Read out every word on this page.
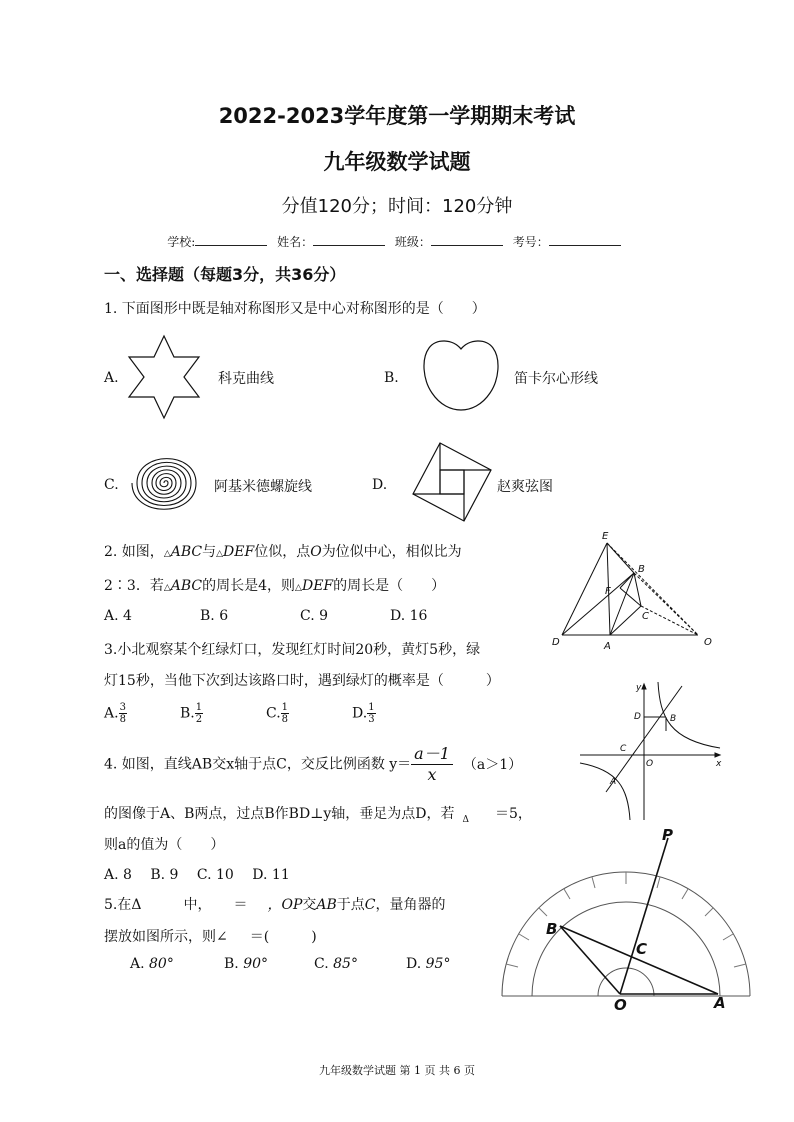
2022-2023学年度第一学期期末考试
九年级数学试题
分值120分；时间：120分钟
学校:	姓名：	班级：	考号：
一、选择题（每题3分，共36分）
1. 下面图形中既是轴对称图形又是中心对称图形的是（　　）
A.	科克曲线	B.	笛卡尔心形线
C.	阿基米德螺旋线	D.	赵爽弦图
2. 如图，△ABC与△DEF位似，点O为位似中心，相似比为
2∶3．若△ABC的周长是4，则△DEF的周长是（　　）
A. 4	B. 6	C. 9	D. 16
E
B
F
C
D	A	O
3.小北观察某个红绿灯口，发现红灯时间20秒，黄灯5秒，绿
灯15秒，当他下次到达该路口时，遇到绿灯的概率是（　　　）
A. $\frac{3}{8}$	B. $\frac{1}{2}$	C. $\frac{1}{8}$	D. $\frac{1}{3}$
y
x
D	B
C
O
A
4. 如图，直线AB交x轴于点C，交反比例函数 $y= \frac{a-1}{x} (a>1)$
的图像于A、B两点，过点B作BD⊥y轴，垂足为点D，若 $_\Delta$ ＝5，
则a的值为（　　）
A. 8　 B. 9　 C. 10　 D. 11
5.在Δ	中， ＝ ，OP交AB于点C，量角器的
摆放如图所示，则∠ ＝(　　　)
A. 80°	B. 90°	C. 85°	D. 95°
P
B
C
O	A
九年级数学试题 第 1 页 共 6 页
